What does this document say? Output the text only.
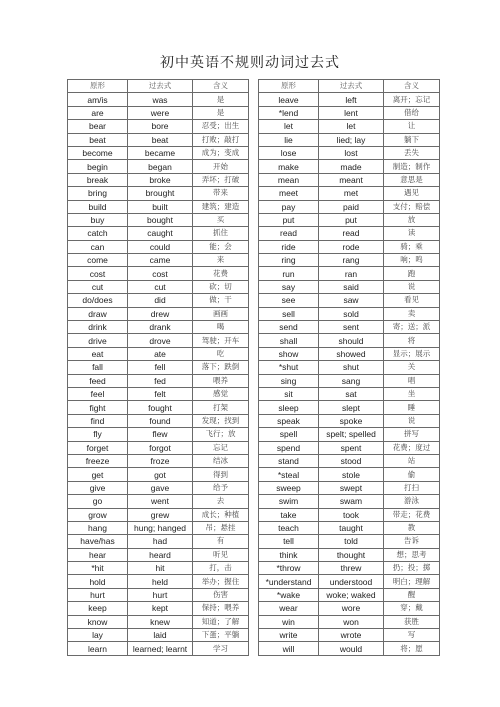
初中英语不规则动词过去式
原形	过去式	含义
am/is	was	是
are	were	是
bear	bore	忍受；出生
beat	beat	打败；敲打
become	became	成为；变成
begin	began	开始
break	broke	弄坏；打破
bring	brought	带来
build	built	建筑；建造
buy	bought	买
catch	caught	抓住
can	could	能；会
come	came	来
cost	cost	花费
cut	cut	砍；切
do/does	did	做；干
draw	drew	画画
drink	drank	喝
drive	drove	驾驶；开车
eat	ate	吃
fall	fell	落下；跌倒
feed	fed	喂养
feel	felt	感觉
fight	fought	打架
find	found	发现；找到
fly	flew	飞行；放
forget	forgot	忘记
freeze	froze	结冰
get	got	得到
give	gave	给予
go	went	去
grow	grew	成长；种植
hang	hung; hanged	吊；悬挂
have/has	had	有
hear	heard	听见
*hit	hit	打，击
hold	held	举办；握住
hurt	hurt	伤害
keep	kept	保持；喂养
know	knew	知道；了解
lay	laid	下蛋；平躺
learn	learned; learnt	学习
原形	过去式	含义
leave	left	离开；忘记
*lend	lent	借给
let	let	让
lie	lied; lay	躺下
lose	lost	丢失
make	made	制造；制作
mean	meant	意思是
meet	met	遇见
pay	paid	支付；赔偿
put	put	放
read	read	读
ride	rode	骑；乘
ring	rang	响；鸣
run	ran	跑
say	said	说
see	saw	看见
sell	sold	卖
send	sent	寄；送；派
shall	should	将
show	showed	显示；展示
*shut	shut	关
sing	sang	唱
sit	sat	坐
sleep	slept	睡
speak	spoke	说
spell	spelt; spelled	拼写
spend	spent	花费；度过
stand	stood	站
*steal	stole	偷
sweep	swept	打扫
swim	swam	游泳
take	took	带走；花费
teach	taught	教
tell	told	告诉
think	thought	想；思考
*throw	threw	扔；投；掷
*understand	understood	明白；理解
*wake	woke; waked	醒
wear	wore	穿；戴
win	won	获胜
write	wrote	写
will	would	将；愿
